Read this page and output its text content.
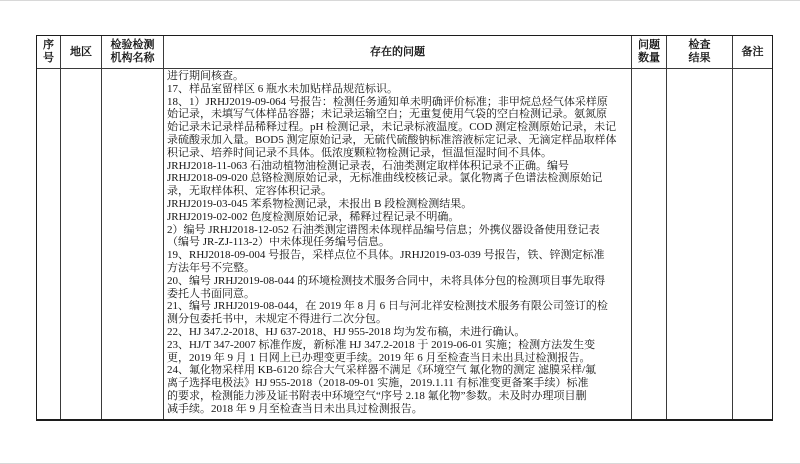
序
号
地区
检验检测
机构名称
存在的问题
问题
数量
检查
结果
备注
进行期间核查。
17、样品室留样区 6 瓶水未加贴样品规范标识。
18、1）JRHJ2019-09-064 号报告：检测任务通知单未明确评价标准；非甲烷总烃气体采样原
始记录，未填写气体样品容器；未记录运输空白；无重复使用气袋的空白检测记录。氨氮原
始记录未记录样品稀释过程。pH 检测记录，未记录标液温度。COD 测定检测原始记录，未记
录硫酸汞加入量。BOD5 测定原始记录，无硫代硫酸钠标准溶液标定记录、无滴定样品取样体
积记录、培养时间记录不具体。低浓度颗粒物检测记录，恒温恒湿时间不具体。
JRHJ2018-11-063 石油动植物油检测记录表，石油类测定取样体积记录不正确。编号
JRHJ2018-09-020 总铬检测原始记录，无标准曲线校核记录。氯化物离子色谱法检测原始记
录，无取样体积、定容体积记录。
JRHJ2019-03-045 苯系物检测记录，未报出 B 段检测检测结果。
JRHJ2019-02-002 色度检测原始记录，稀释过程记录不明确。
2）编号 JRHJ2018-12-052 石油类测定谱图未体现样品编号信息；外携仪器设备使用登记表
（编号 JR-ZJ-113-2）中未体现任务编号信息。
19、RHJ2018-09-004 号报告，采样点位不具体。JRHJ2019-03-039 号报告，铁、锌测定标准
方法年号不完整。
20、编号 JRHJ2019-08-044 的环境检测技术服务合同中，未将具体分包的检测项目事先取得
委托人书面同意。
21、编号 JRHJ2019-08-044，在 2019 年 8 月 6 日与河北祥安检测技术服务有限公司签订的检
测分包委托书中，未规定不得进行二次分包。
22、HJ 347.2-2018、HJ 637-2018、HJ 955-2018 均为发布稿，未进行确认。
23、HJ/T 347-2007 标准作废，新标准 HJ 347.2-2018 于 2019-06-01 实施；检测方法发生变
更，2019 年 9 月 1 日网上已办理变更手续。2019 年 6 月至检查当日未出具过检测报告。
24、氟化物采样用 KB-6120 综合大气采样器不满足《环境空气 氟化物的测定 滤膜采样/氟
离子选择电极法》HJ 955-2018（2018-09-01 实施，2019.1.11 有标准变更备案手续）标准
的要求，检测能力涉及证书附表中环境空气“序号 2.18 氟化物”参数。未及时办理项目删
减手续。2018 年 9 月至检查当日未出具过检测报告。
